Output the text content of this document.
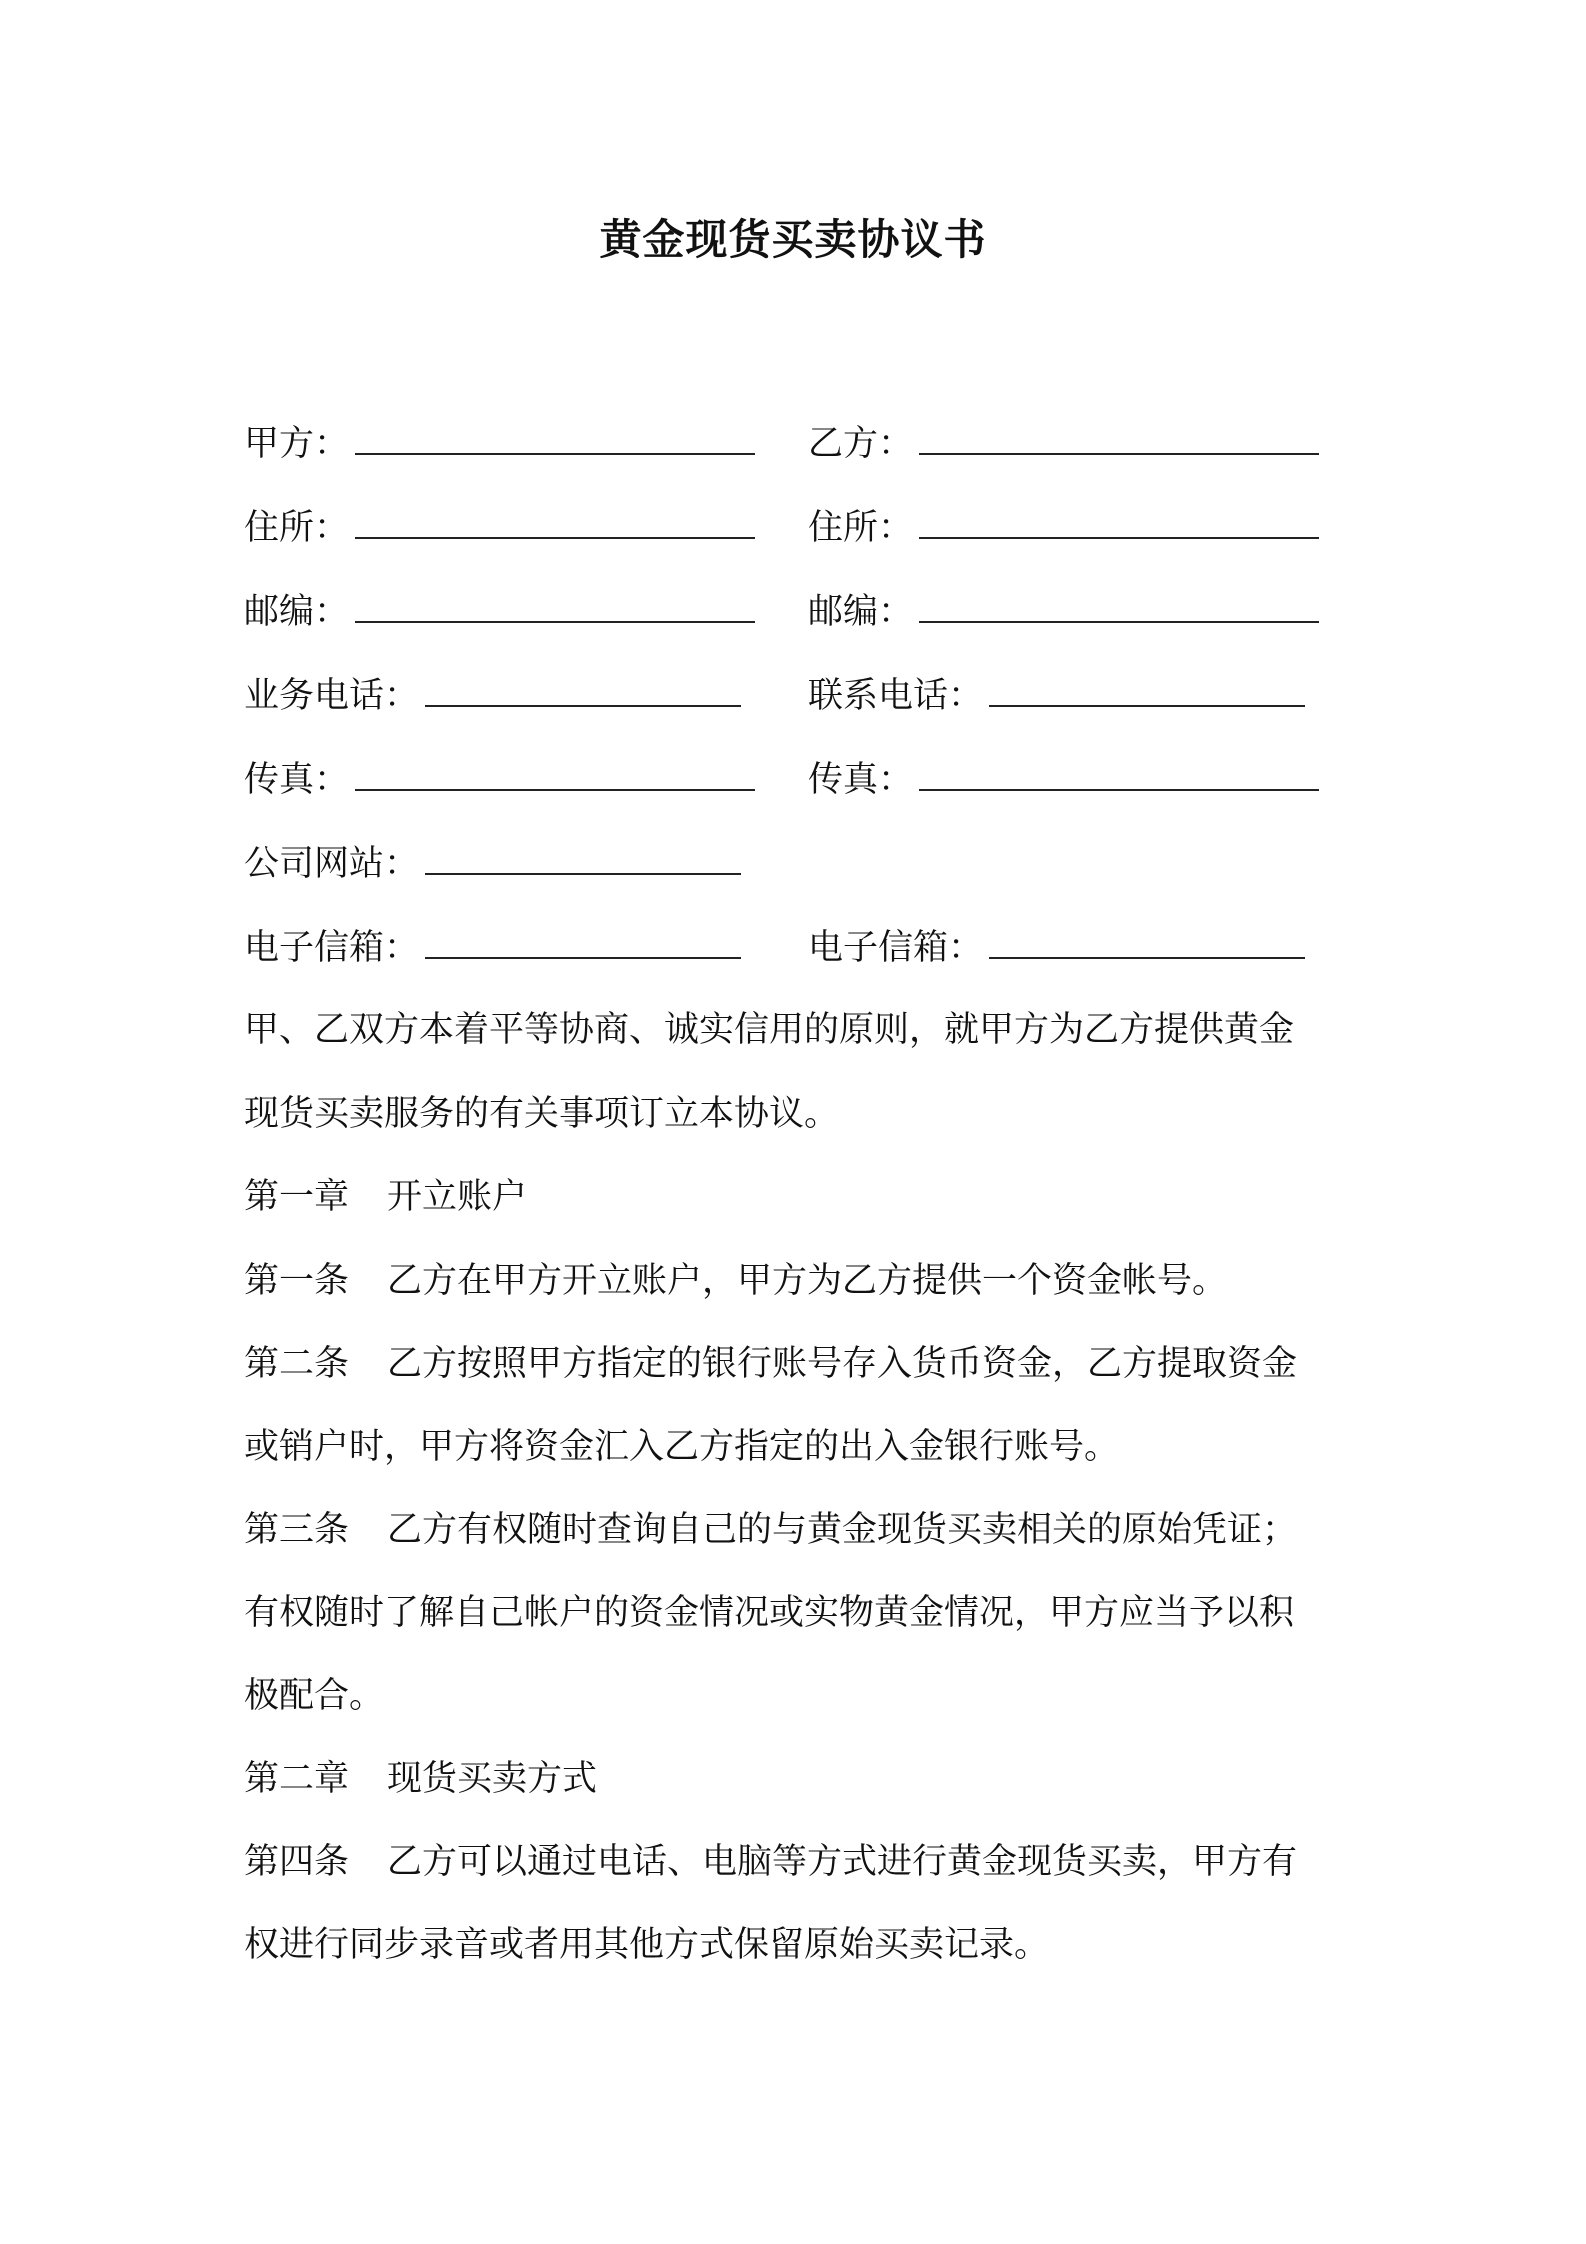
黄金现货买卖协议书
甲方：	乙方：
住所：	住所：
邮编：	邮编：
业务电话：	联系电话：
传真：	传真：
公司网站：
电子信箱：	电子信箱：
甲、乙双方本着平等协商、诚实信用的原则，就甲方为乙方提供黄金
现货买卖服务的有关事项订立本协议。
第一章 开立账户
第一条 乙方在甲方开立账户，甲方为乙方提供一个资金帐号。
第二条 乙方按照甲方指定的银行账号存入货币资金，乙方提取资金
或销户时，甲方将资金汇入乙方指定的出入金银行账号。
第三条 乙方有权随时查询自己的与黄金现货买卖相关的原始凭证；
有权随时了解自己帐户的资金情况或实物黄金情况，甲方应当予以积
极配合。
第二章 现货买卖方式
第四条 乙方可以通过电话、电脑等方式进行黄金现货买卖，甲方有
权进行同步录音或者用其他方式保留原始买卖记录。
